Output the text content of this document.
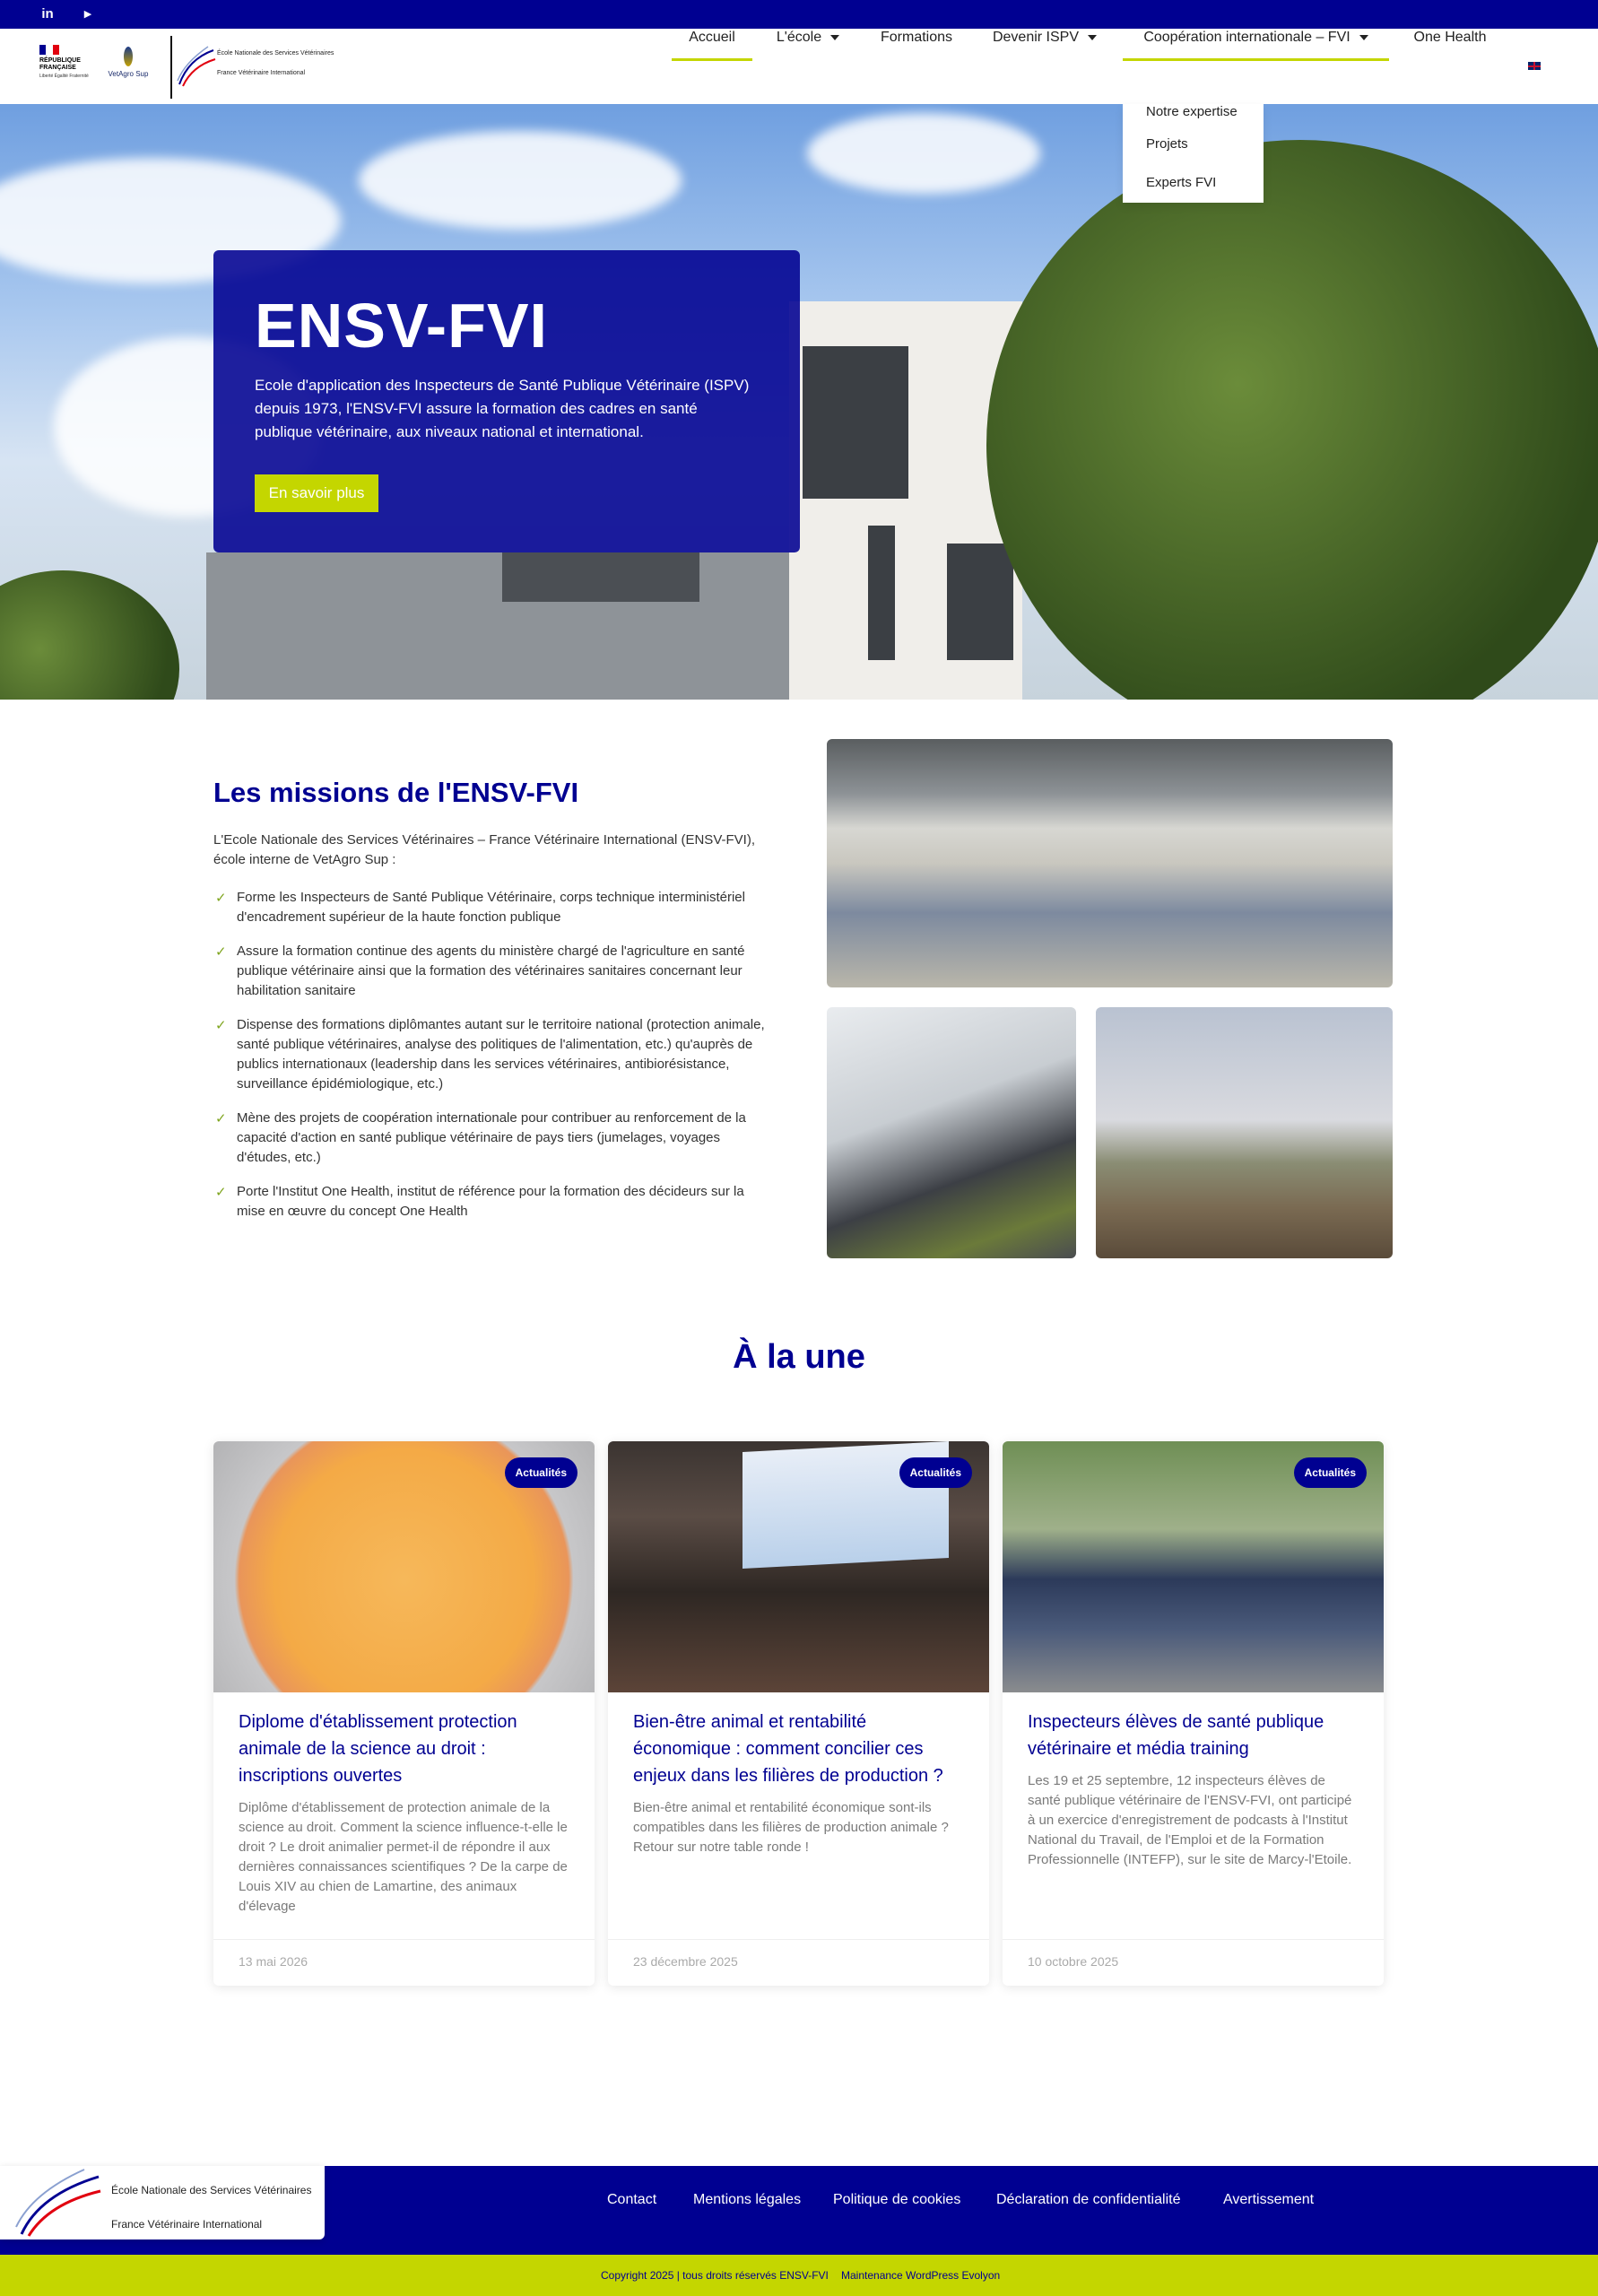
in	▶
RÉPUBLIQUE
FRANÇAISE
Liberté Égalité Fraternité	VetAgro Sup
École Nationale des Services Vétérinaires
France Vétérinaire International
Accueil	L'école	Formations	Devenir ISPV	Coopération internationale – FVI	One Health
ENSV-FVI
Ecole d'application des Inspecteurs de Santé Publique Vétérinaire (ISPV) depuis 1973, l'ENSV-FVI assure la formation des cadres en santé publique vétérinaire, aux niveaux national et international.
En savoir plus
Notre expertise
Projets
Experts FVI
Les missions de l'ENSV-FVI
L'Ecole Nationale des Services Vétérinaires – France Vétérinaire International (ENSV-FVI), école interne de VetAgro Sup :
✓ Forme les Inspecteurs de Santé Publique Vétérinaire, corps technique interministériel d'encadrement supérieur de la haute fonction publique
✓ Assure la formation continue des agents du ministère chargé de l'agriculture en santé publique vétérinaire ainsi que la formation des vétérinaires sanitaires concernant leur habilitation sanitaire
✓ Dispense des formations diplômantes autant sur le territoire national (protection animale, santé publique vétérinaires, analyse des politiques de l'alimentation, etc.) qu'auprès de publics internationaux (leadership dans les services vétérinaires, antibiorésistance, surveillance épidémiologique, etc.)
✓ Mène des projets de coopération internationale pour contribuer au renforcement de la capacité d'action en santé publique vétérinaire de pays tiers (jumelages, voyages d'études, etc.)
✓ Porte l'Institut One Health, institut de référence pour la formation des décideurs sur la mise en œuvre du concept One Health
À la une
Actualités
Diplome d'établissement protection animale de la science au droit : inscriptions ouvertes
Diplôme d'établissement de protection animale de la science au droit. Comment la science influence-t-elle le droit ? Le droit animalier permet-il de répondre il aux dernières connaissances scientifiques ? De la carpe de Louis XIV au chien de Lamartine, des animaux d'élevage
13 mai 2026
Actualités
Bien-être animal et rentabilité économique : comment concilier ces enjeux dans les filières de production ?
Bien-être animal et rentabilité économique sont-ils compatibles dans les filières de production animale ? Retour sur notre table ronde !
23 décembre 2025
Actualités
Inspecteurs élèves de santé publique vétérinaire et média training
Les 19 et 25 septembre, 12 inspecteurs élèves de santé publique vétérinaire de l'ENSV-FVI, ont participé à un exercice d'enregistrement de podcasts à l'Institut National du Travail, de l'Emploi et de la Formation Professionnelle (INTEFP), sur le site de Marcy-l'Etoile.
10 octobre 2025
École Nationale des Services Vétérinaires
France Vétérinaire International
Contact	Mentions légales Politique de cookies Déclaration de confidentialité	Avertissement
Copyright 2025 | tous droits réservés ENSV-FVI Maintenance WordPress Evolyon
